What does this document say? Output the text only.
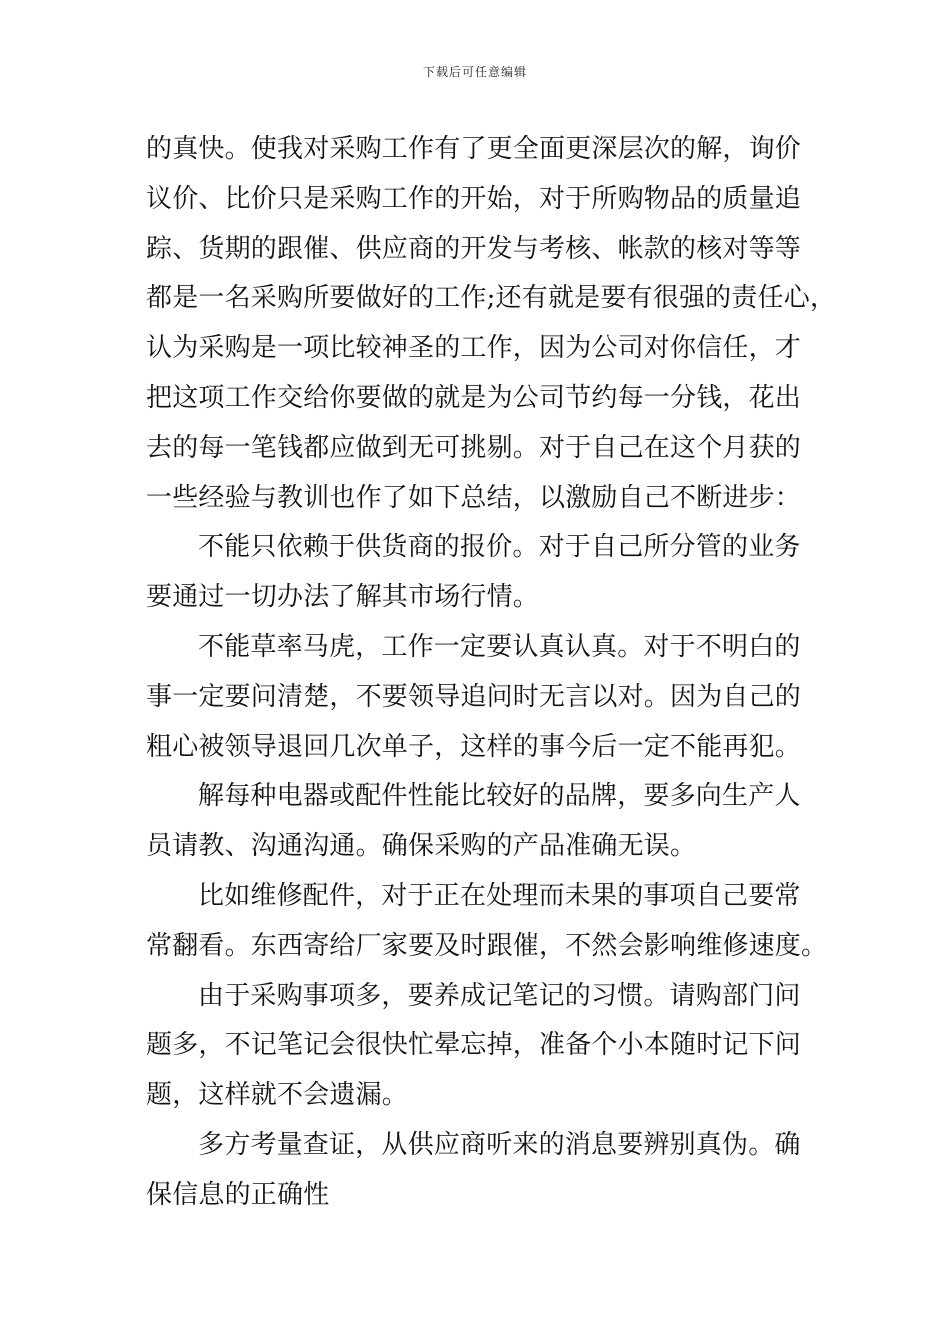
下载后可任意编辑
的真快。使我对采购工作有了更全面更深层次的解，询价
议价、比价只是采购工作的开始，对于所购物品的质量追
踪、货期的跟催、供应商的开发与考核、帐款的核对等等
都是一名采购所要做好的工作;还有就是要有很强的责任心，
认为采购是一项比较神圣的工作，因为公司对你信任，才
把这项工作交给你要做的就是为公司节约每一分钱，花出
去的每一笔钱都应做到无可挑剔。对于自己在这个月获的
一些经验与教训也作了如下总结，以激励自己不断进步：
不能只依赖于供货商的报价。对于自己所分管的业务
要通过一切办法了解其市场行情。
不能草率马虎，工作一定要认真认真。对于不明白的
事一定要问清楚，不要领导追问时无言以对。因为自己的
粗心被领导退回几次单子，这样的事今后一定不能再犯。
解每种电器或配件性能比较好的品牌，要多向生产人
员请教、沟通沟通。确保采购的产品准确无误。
比如维修配件，对于正在处理而未果的事项自己要常
常翻看。东西寄给厂家要及时跟催，不然会影响维修速度。
由于采购事项多，要养成记笔记的习惯。请购部门问
题多，不记笔记会很快忙晕忘掉，准备个小本随时记下问
题，这样就不会遗漏。
多方考量查证，从供应商听来的消息要辨别真伪。确
保信息的正确性
